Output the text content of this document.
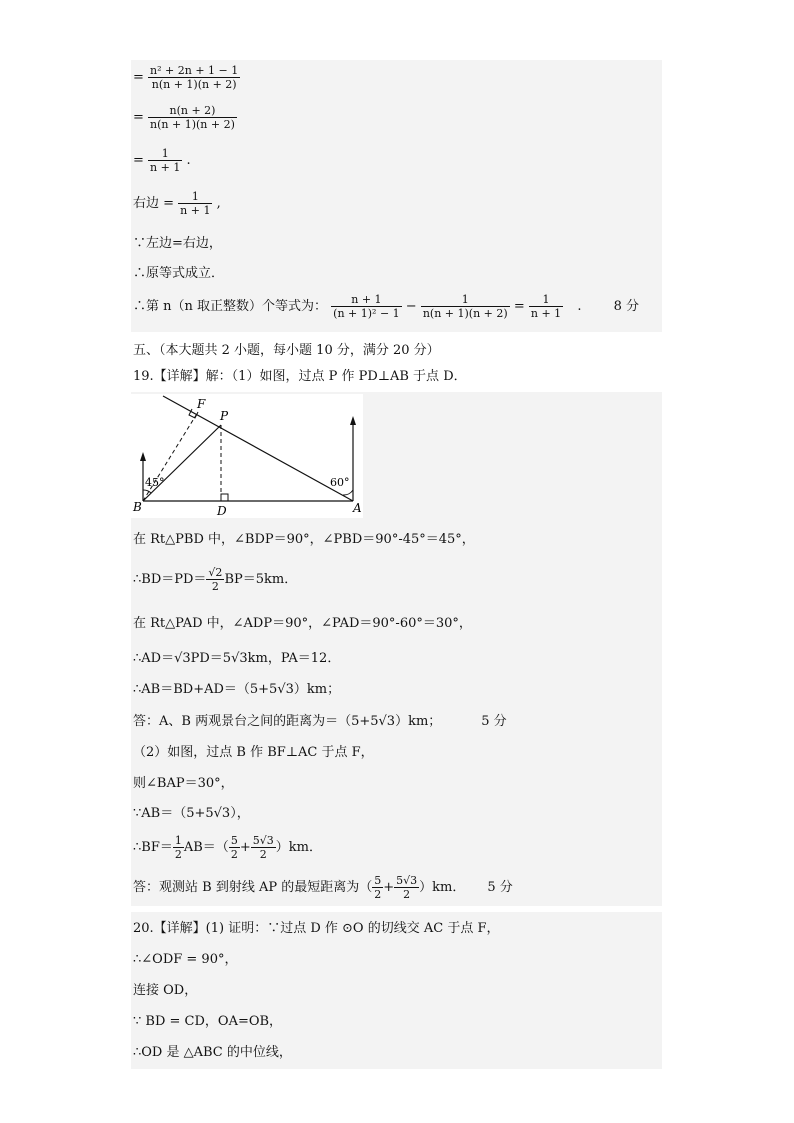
= $\frac{\text{n² + 2n + 1 − 1}}{n(n + 1)(n + 2)}$
= $\frac{n(n + 2)}{n(n + 1)(n + 2)}$
= $\frac{1}{n + 1}$ .
右边 = $\frac{1}{n + 1}$ ,
∵左边=右边，
∴原等式成立．
∴第 n（n 取正整数）个等式为： $\frac{n + 1}{\text{(n + 1)² − 1}} - \frac{1}{n(n + 1)(n + 2)} = \frac{1}{n + 1}$ . 8 分
五、（本大题共 2 小题，每小题 10 分，满分 20 分）
19.【详解】解：（1）如图，过点 P 作 PD⊥AB 于点 D．
F
P
B	D	A
45°	60°
在 Rt△PBD 中，∠BDP＝90°，∠PBD＝90°-45°＝45°，
∴BD＝PD＝ $\frac{√2}{2} BP=5km$．
在 Rt△PAD 中，∠ADP＝90°，∠PAD＝90°-60°＝30°，
∴AD＝√3PD＝5√3km，PA＝12．
∴AB＝BD+AD＝（5+5√3）km；
答：A、B 两观景台之间的距离为＝（5+5√3）km；	5 分
（2）如图，过点 B 作 BF⊥AC 于点 F，
则∠BAP＝30°，
∵AB＝（5+5√3），
∴BF＝ $\frac{1}{2} AB=( \frac{5}{2} + \frac{5√3}{2} )km$．
答：观测站 B 到射线 AP 的最短距离为（ $\frac{5}{2} + \frac{5√3}{2} )km$． 5 分
20.【详解】(1) 证明：∵过点 D 作 ⊙O 的切线交 AC 于点 F，
∴∠ODF = 90°，
连接 OD，
∵ BD = CD，OA=OB，
∴OD 是 △ABC 的中位线，
